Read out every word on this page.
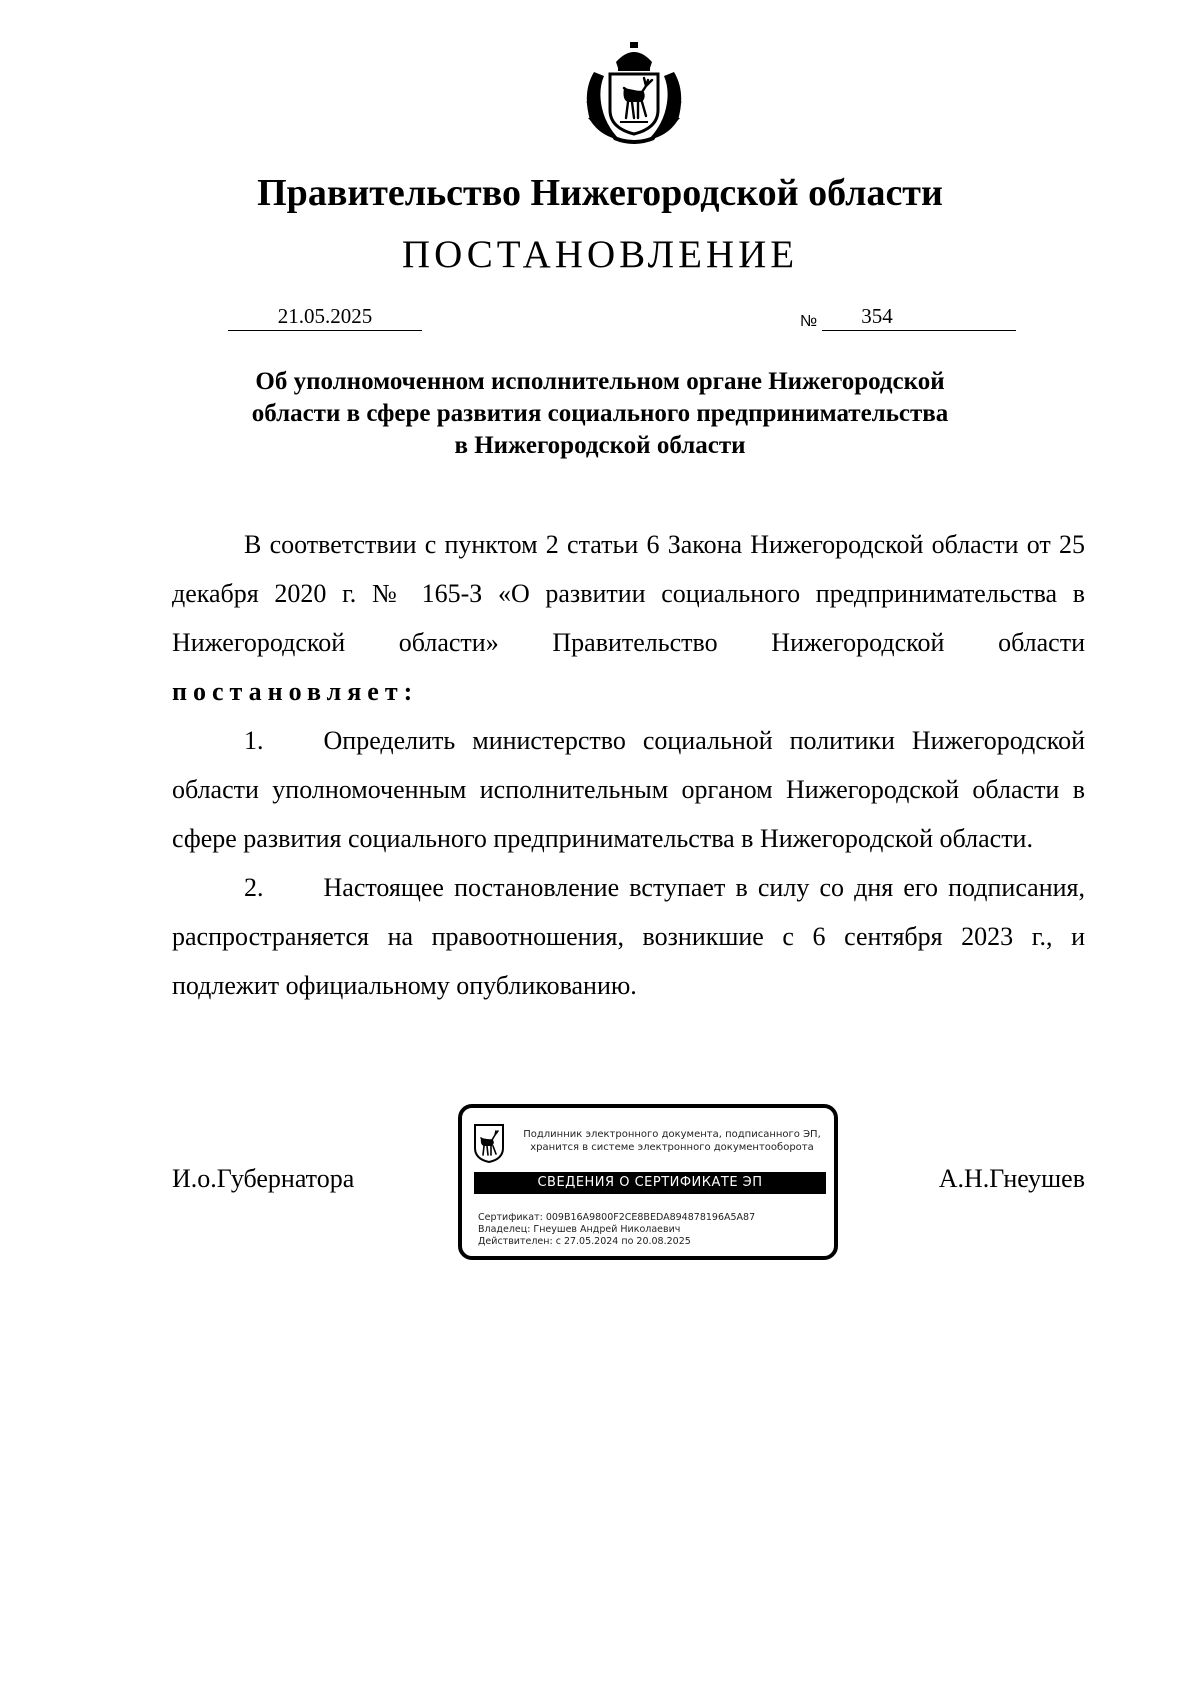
Правительство Нижегородской области
ПОСТАНОВЛЕНИЕ
21.05.2025	№	354
Об уполномоченном исполнительном органе Нижегородской
области в сфере развития социального предпринимательства
в Нижегородской области

В соответствии с пунктом 2 статьи 6 Закона Нижегородской области от 25 декабря 2020 г. № 165-З «О развитии социального предпринимательства в Нижегородской области» Правительство Нижегородской области постановляет:

1. Определить министерство социальной политики Нижегородской области уполномоченным исполнительным органом Нижегородской области в сфере развития социального предпринимательства в Нижегородской области.

2. Настоящее постановление вступает в силу со дня его подписания, распространяется на правоотношения, возникшие с 6 сентября 2023 г., и подлежит официальному опубликованию.

И.о.Губернатора	А.Н.Гнеушев
Подлинник электронного документа, подписанного ЭП,
хранится в системе электронного документооборота
СВЕДЕНИЯ О СЕРТИФИКАТЕ ЭП
Сертификат: 009B16A9800F2CE8BEDA894878196A5A87
Владелец: Гнеушев Андрей Николаевич
Действителен: с 27.05.2024 по 20.08.2025
